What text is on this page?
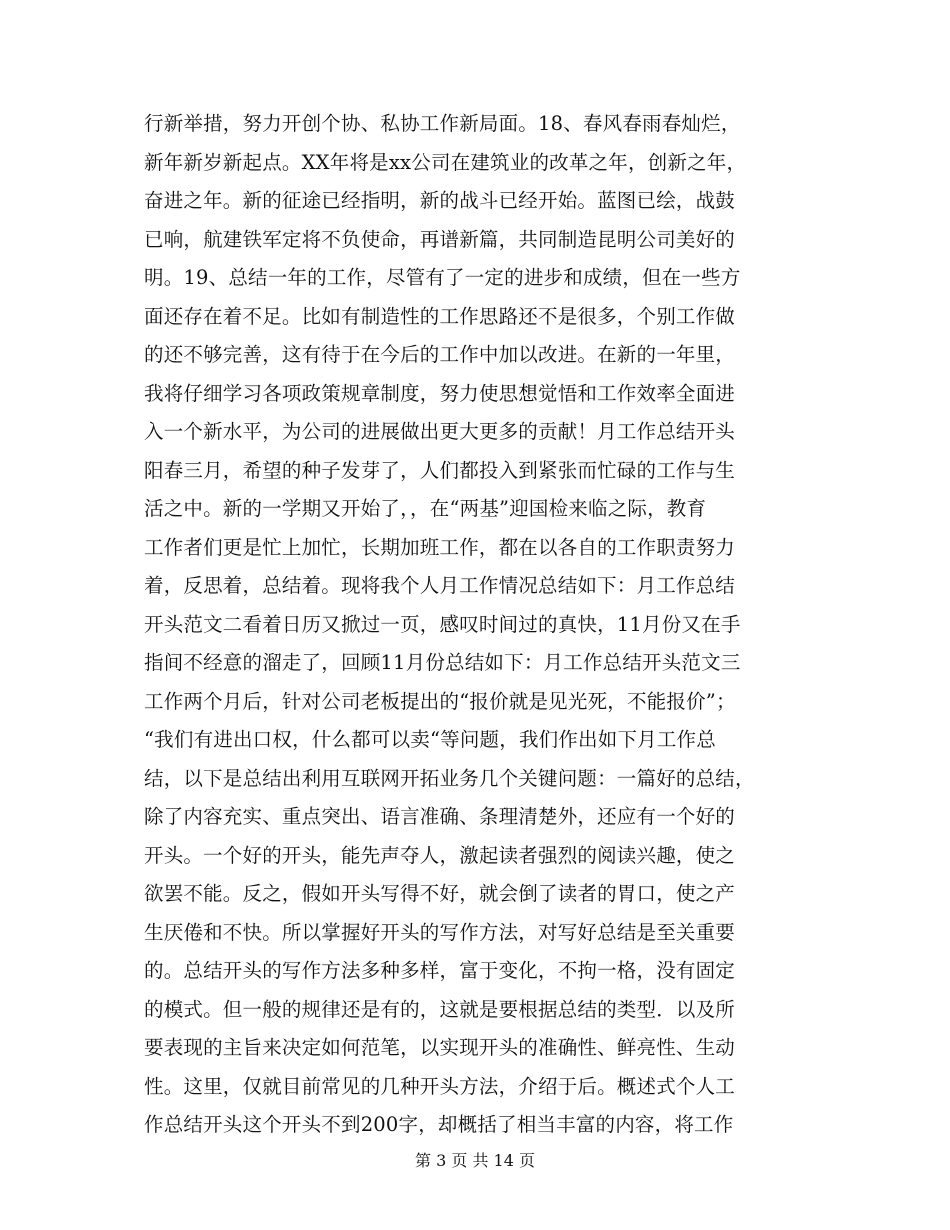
行新举措，努力开创个协、私协工作新局面。18、春风春雨春灿烂，
新年新岁新起点。XX年将是xx公司在建筑业的改革之年，创新之年，
奋进之年。新的征途已经指明，新的战斗已经开始。蓝图已绘，战鼓
已响，航建铁军定将不负使命，再谱新篇，共同制造昆明公司美好的
明。19、总结一年的工作，尽管有了一定的进步和成绩，但在一些方
面还存在着不足。比如有制造性的工作思路还不是很多，个别工作做
的还不够完善，这有待于在今后的工作中加以改进。在新的一年里，
我将仔细学习各项政策规章制度，努力使思想觉悟和工作效率全面进
入一个新水平，为公司的进展做出更大更多的贡献！月工作总结开头
阳春三月，希望的种子发芽了，人们都投入到紧张而忙碌的工作与生
活之中。新的一学期又开始了，，在“两基”迎国检来临之际，教育
工作者们更是忙上加忙，长期加班工作，都在以各自的工作职责努力
着，反思着，总结着。现将我个人月工作情况总结如下：月工作总结
开头范文二看着日历又掀过一页，感叹时间过的真快，11月份又在手
指间不经意的溜走了，回顾11月份总结如下：月工作总结开头范文三
工作两个月后，针对公司老板提出的“报价就是见光死，不能报价”；
“我们有进出口权，什么都可以卖“等问题，我们作出如下月工作总
结，以下是总结出利用互联网开拓业务几个关键问题：一篇好的总结，
除了内容充实、重点突出、语言准确、条理清楚外，还应有一个好的
开头。一个好的开头，能先声夺人，激起读者强烈的阅读兴趣，使之
欲罢不能。反之，假如开头写得不好，就会倒了读者的胃口，使之产
生厌倦和不快。所以掌握好开头的写作方法，对写好总结是至关重要
的。总结开头的写作方法多种多样，富于变化，不拘一格，没有固定
的模式。但一般的规律还是有的，这就是要根据总结的类型．以及所
要表现的主旨来决定如何范笔，以实现开头的准确性、鲜亮性、生动
性。这里，仅就目前常见的几种开头方法，介绍于后。概述式个人工
作总结开头这个开头不到200字，却概括了相当丰富的内容，将工作
第 3 页 共 14 页
